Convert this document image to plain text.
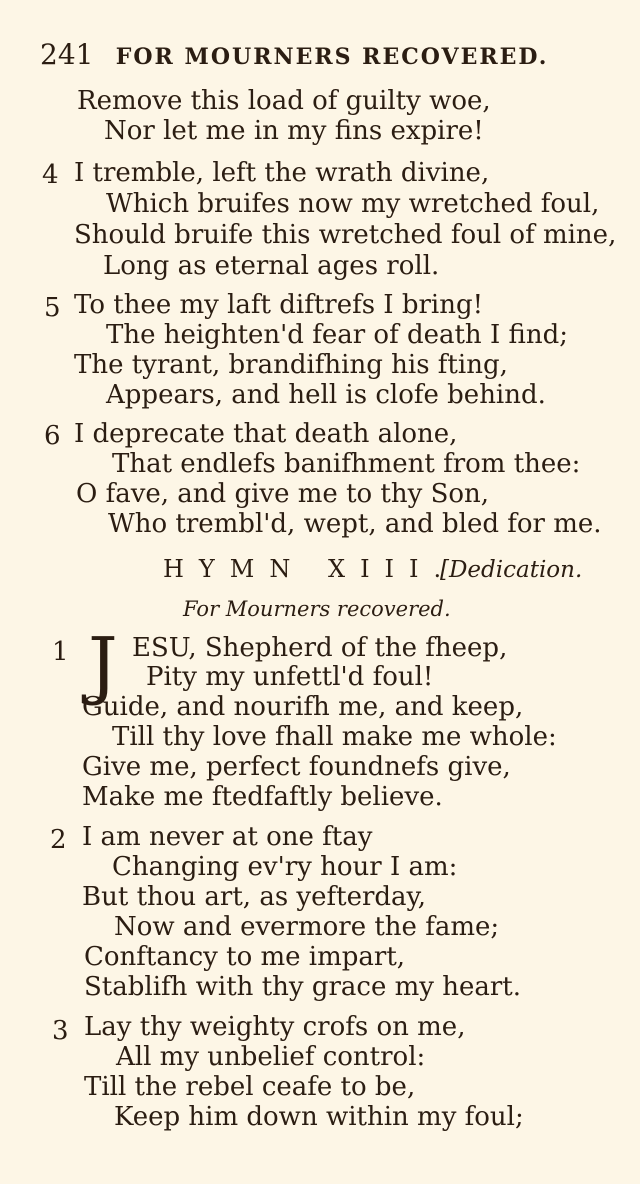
241 FOR MOURNERS RECOVERED.
Remove this load of guilty woe,
Nor let me in my fins expire!
4 I tremble, left the wrath divine,
Which bruifes now my wretched foul,
Should bruife this wretched foul of mine,
Long as eternal ages roll.
5 To thee my laft diftrefs I bring!
The heighten'd fear of death I find;
The tyrant, brandifhing his fting,
Appears, and hell is clofe behind.
6 I deprecate that death alone,
That endlefs banifhment from thee:
O fave, and give me to thy Son,
Who trembl'd, wept, and bled for me.
HYMN XIII.
[Dedication.
For Mourners recovered.
1 J ESU, Shepherd of the fheep,
Pity my unfettl'd foul!
Guide, and nourifh me, and keep,
Till thy love fhall make me whole:
Give me, perfect foundnefs give,
Make me ftedfaftly believe.
2 I am never at one ftay
Changing ev'ry hour I am:
But thou art, as yefterday,
Now and evermore the fame;
Conftancy to me impart,
Stablifh with thy grace my heart.
3 Lay thy weighty crofs on me,
All my unbelief control:
Till the rebel ceafe to be,
Keep him down within my foul;
